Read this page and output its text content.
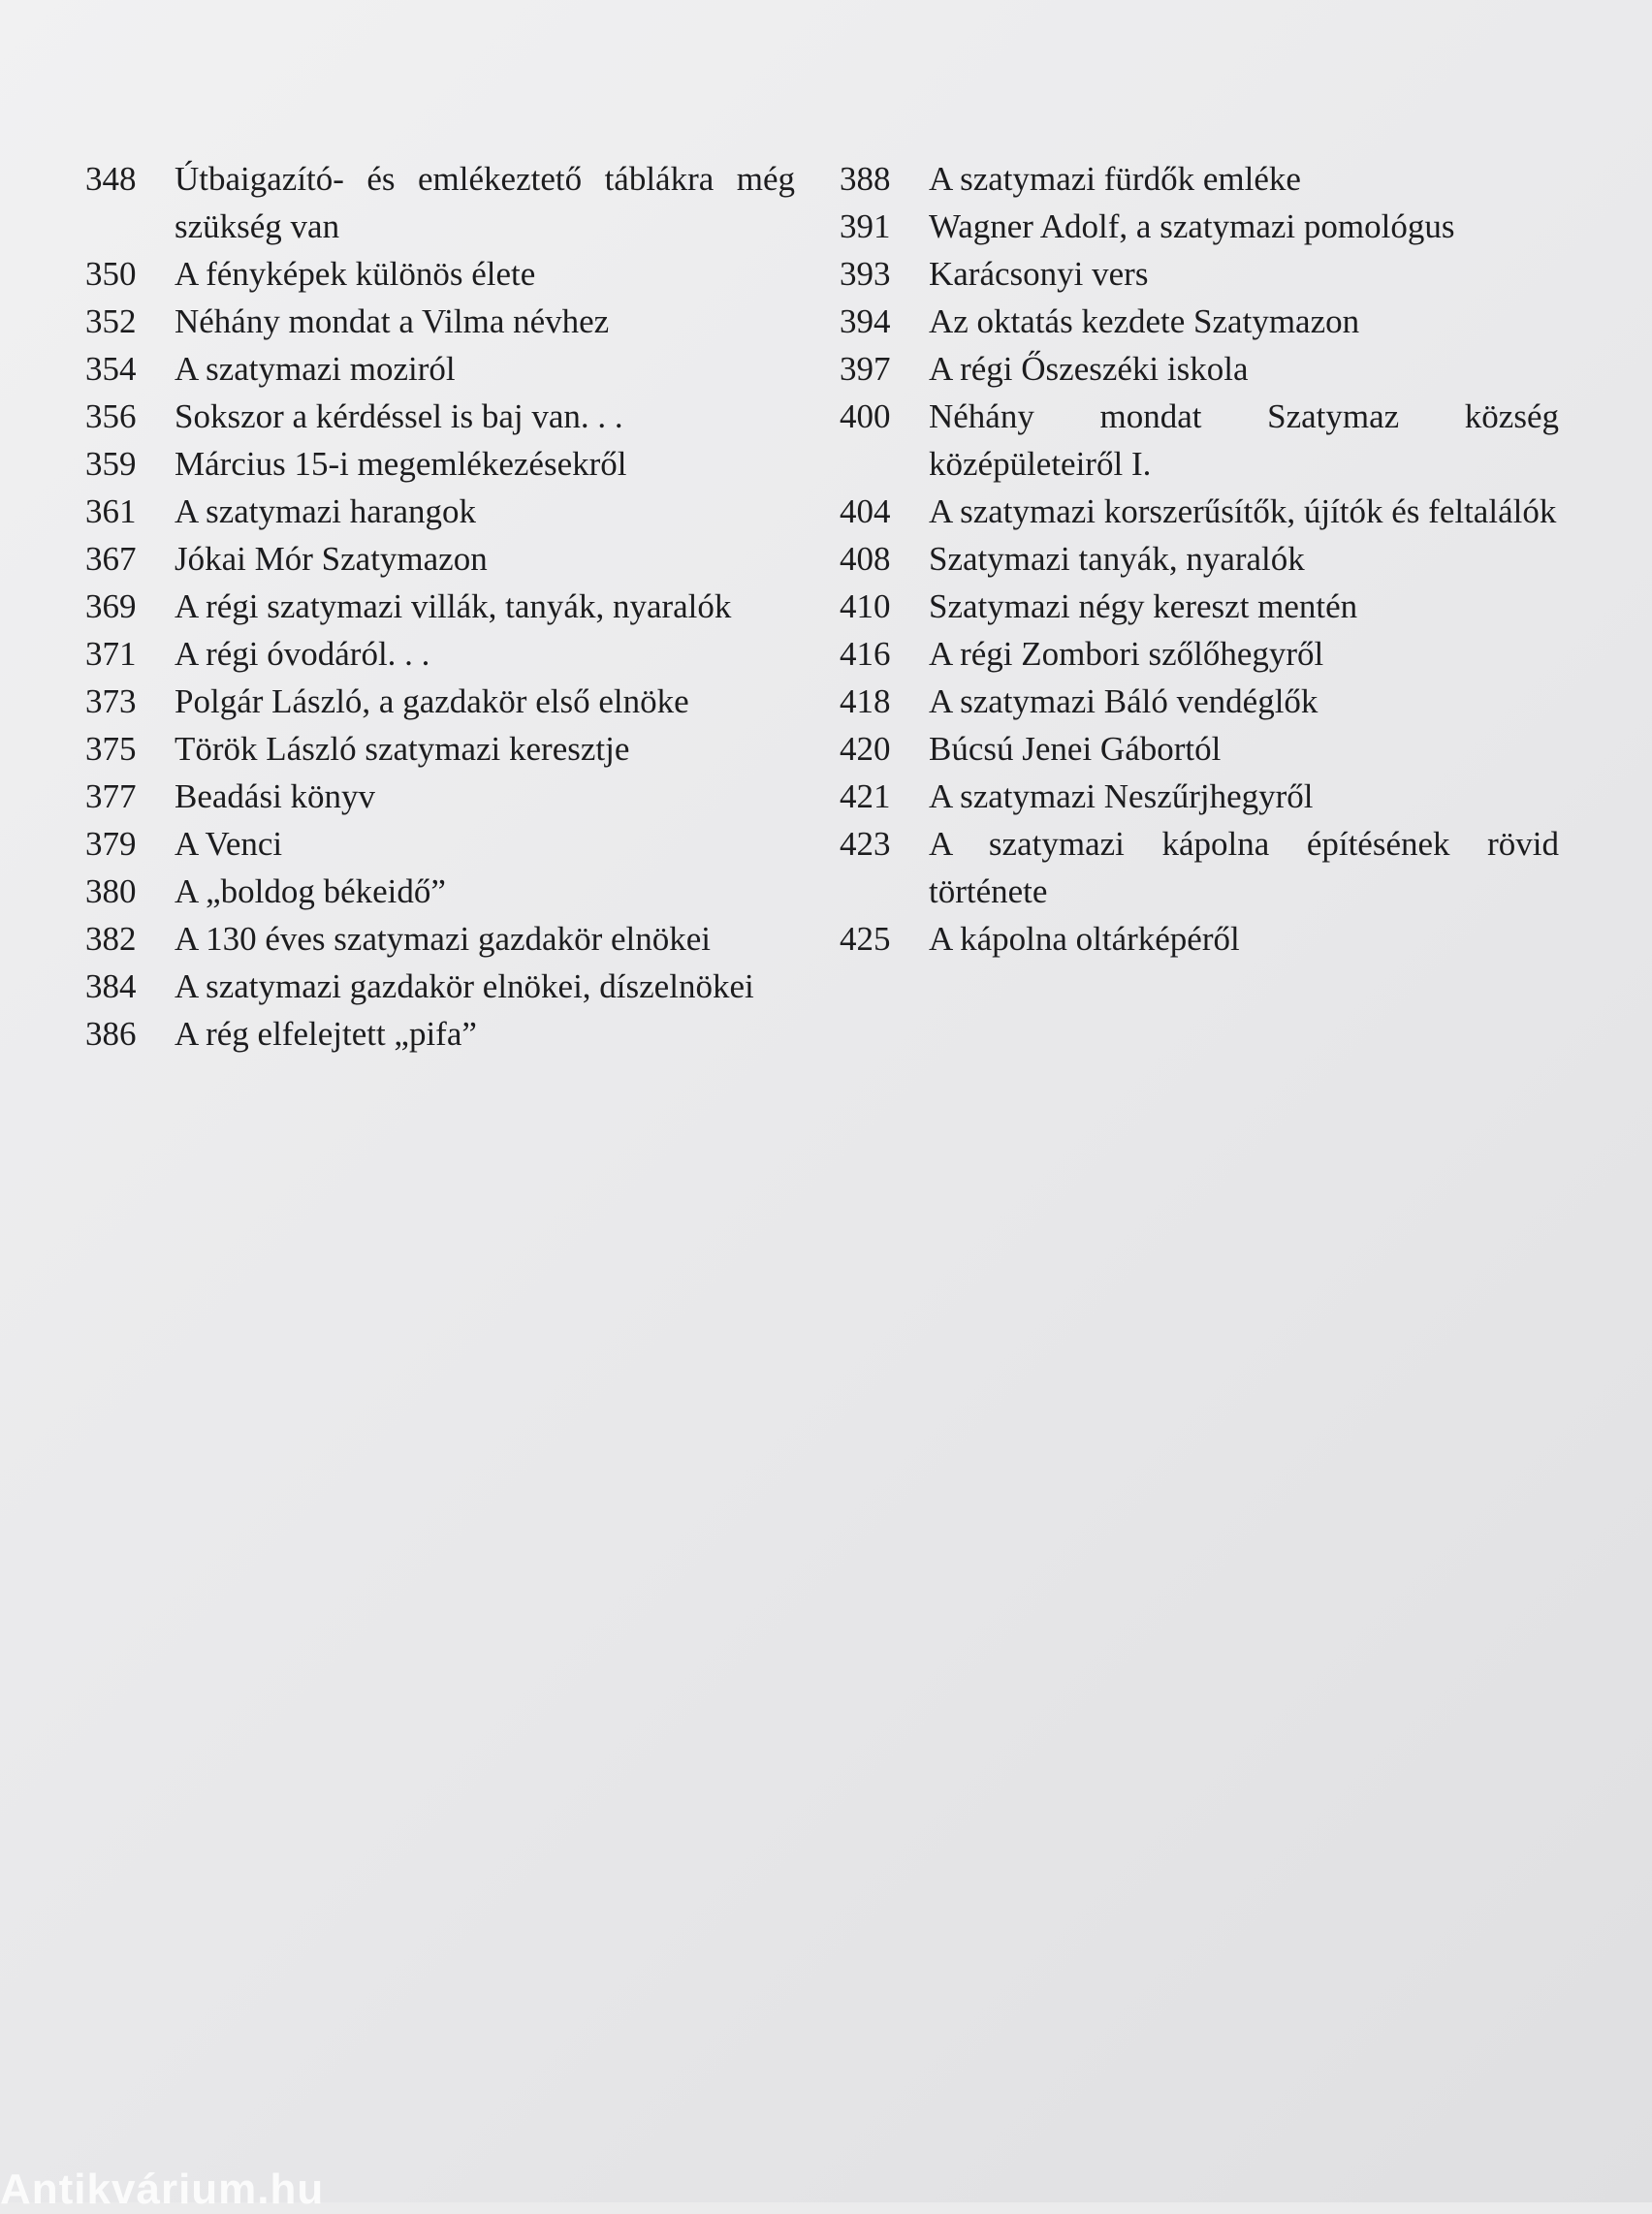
348	Útbaigazító- és emlékeztető táblákra még szükség van
350	A fényképek különös élete
352	Néhány mondat a Vilma névhez
354	A szatymazi moziról
356	Sokszor a kérdéssel is baj van. . .
359	Március 15-i megemlékezésekről
361	A szatymazi harangok
367	Jókai Mór Szatymazon
369	A régi szatymazi villák, tanyák, nyaralók
371	A régi óvodáról. . .
373	Polgár László, a gazdakör első elnöke
375	Török László szatymazi keresztje
377	Beadási könyv
379	A Venci
380	A „boldog békeidő”
382	A 130 éves szatymazi gazdakör elnökei
384	A szatymazi gazdakör elnökei, díszelnökei
386	A rég elfelejtett „pifa”
388	A szatymazi fürdők emléke
391	Wagner Adolf, a szatymazi pomológus
393	Karácsonyi vers
394	Az oktatás kezdete Szatymazon
397	A régi Őszeszéki iskola
400	Néhány mondat Szatymaz község középületeiről I.
404	A szatymazi korszerűsítők, újítók és feltalálók
408	Szatymazi tanyák, nyaralók
410	Szatymazi négy kereszt mentén
416	A régi Zombori szőlőhegyről
418	A szatymazi Báló vendéglők
420	Búcsú Jenei Gábortól
421	A szatymazi Neszűrjhegyről
423	A szatymazi kápolna építésének rövid története
425	A kápolna oltárképéről
Antikvárium.hu
